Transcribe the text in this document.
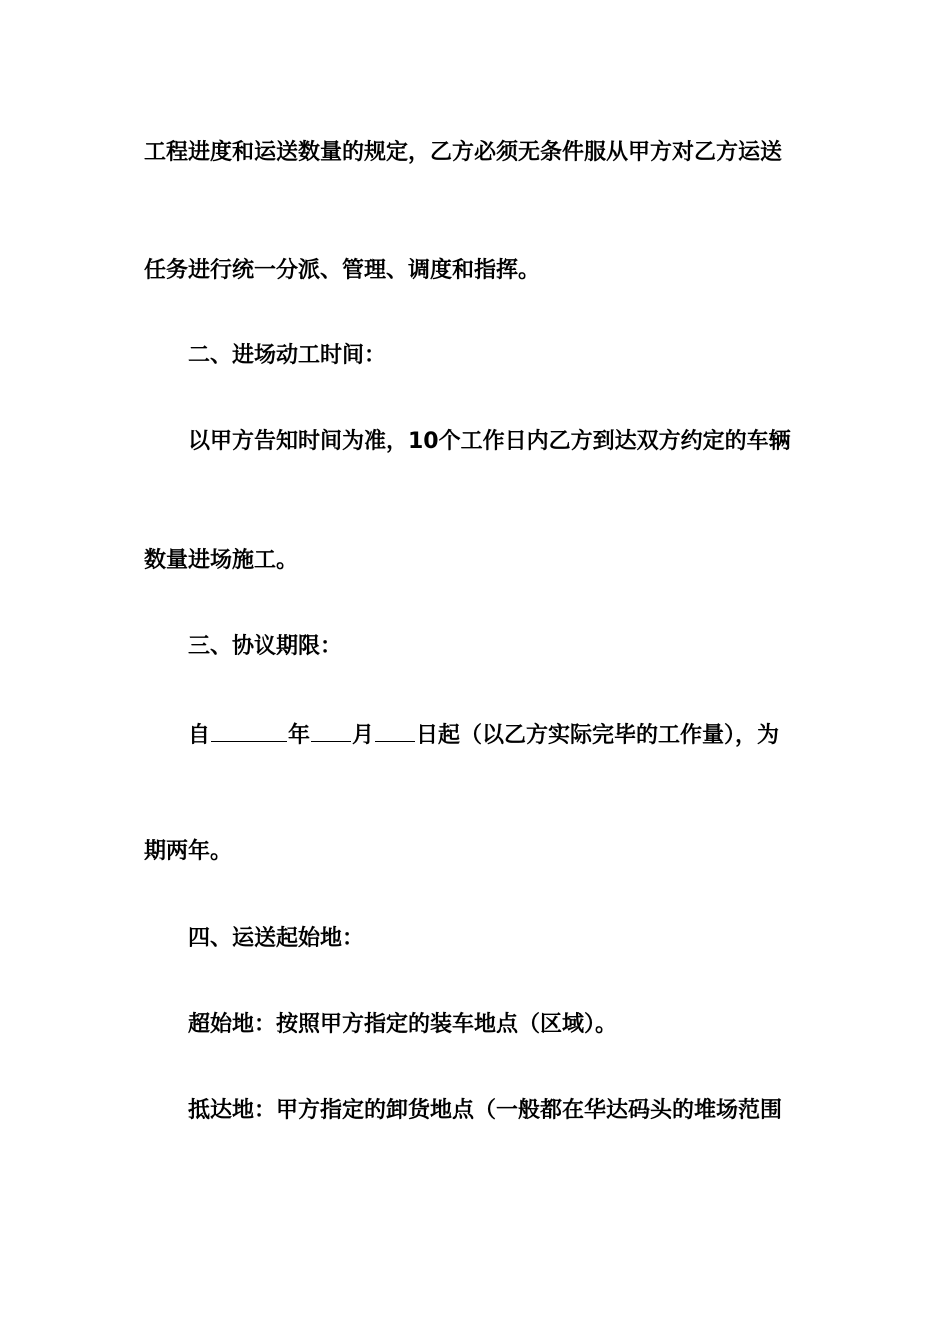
工程进度和运送数量的规定，乙方必须无条件服从甲方对乙方运送
任务进行统一分派、管理、调度和指挥。
二、进场动工时间：
以甲方告知时间为准，10个工作日内乙方到达双方约定的车辆
数量进场施工。
三、协议期限：
自	年 月 日起（以乙方实际完毕的工作量），为
期两年。
四、运送起始地：
超始地：按照甲方指定的装车地点（区域）。
抵达地：甲方指定的卸货地点（一般都在华达码头的堆场范围
